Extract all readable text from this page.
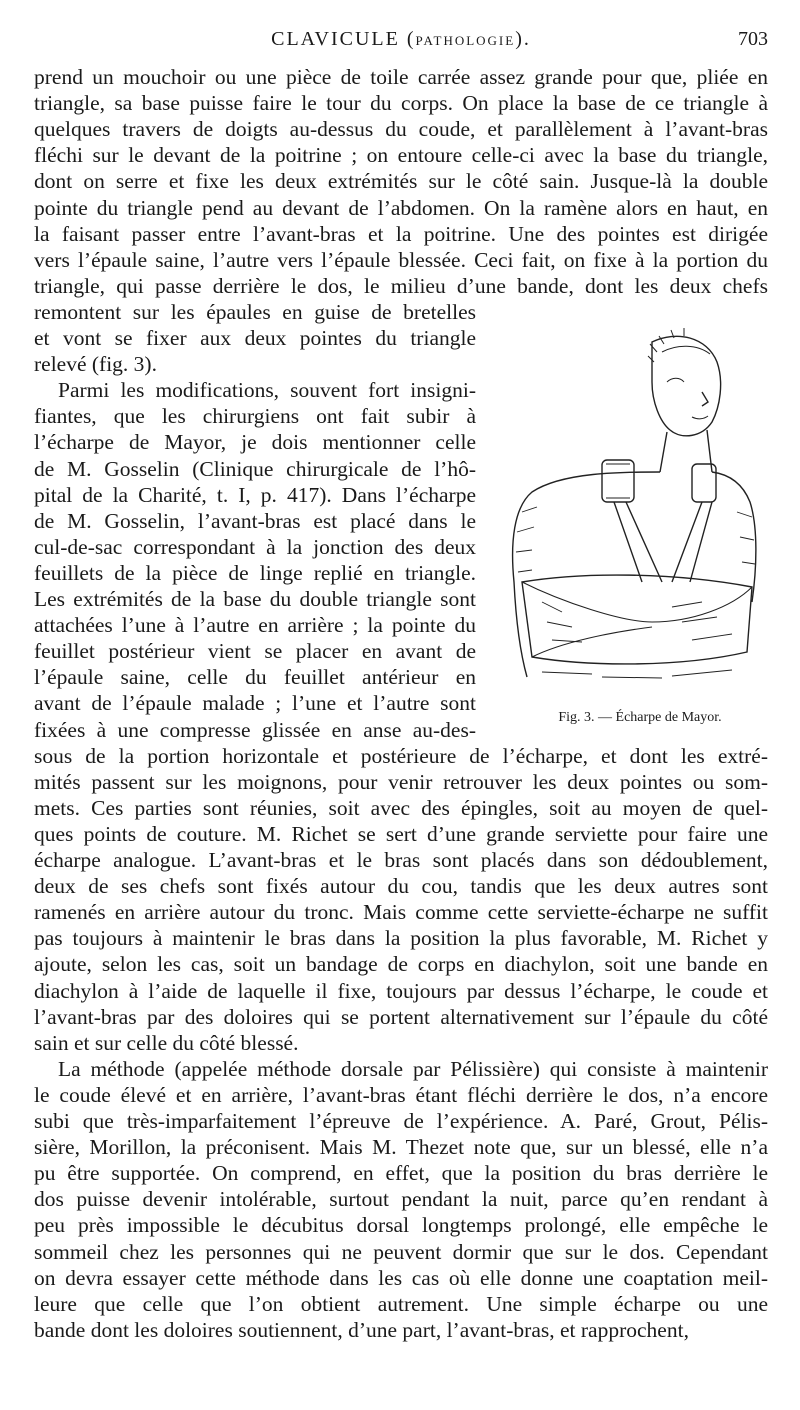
CLAVICULE (PATHOLOGIE).	703
prend un mouchoir ou une pièce de toile carrée assez grande pour que, pliée en
triangle, sa base puisse faire le tour du corps. On place la base de ce triangle à
quelques travers de doigts au-dessus du coude, et parallèlement à l’avant-bras
fléchi sur le devant de la poitrine ; on entoure celle-ci avec la base du triangle,
dont on serre et fixe les deux extrémités sur le côté sain. Jusque-là la double
pointe du triangle pend au devant de l’abdomen. On la ramène alors en haut, en
la faisant passer entre l’avant-bras et la poitrine. Une des pointes est dirigée
vers l’épaule saine, l’autre vers l’épaule blessée. Ceci fait, on fixe à la portion du
triangle, qui passe derrière le dos, le milieu d’une bande, dont les deux chefs
remontent sur les épaules en guise de bretelles
et vont se fixer aux deux pointes du triangle
relevé (fig. 3).
Parmi les modifications, souvent fort insigni-
fiantes, que les chirurgiens ont fait subir à
l’écharpe de Mayor, je dois mentionner celle
de M. Gosselin (Clinique chirurgicale de l’hô-
pital de la Charité, t. I, p. 417). Dans l’écharpe
de M. Gosselin, l’avant-bras est placé dans le
cul-de-sac correspondant à la jonction des deux
feuillets de la pièce de linge replié en triangle.
Les extrémités de la base du double triangle sont
attachées l’une à l’autre en arrière ; la pointe du
feuillet postérieur vient se placer en avant de
l’épaule saine, celle du feuillet antérieur en
avant de l’épaule malade ; l’une et l’autre sont
fixées à une compresse glissée en anse au-des-
sous de la portion horizontale et postérieure de l’écharpe, et dont les extré-
mités passent sur les moignons, pour venir retrouver les deux pointes ou som-
mets. Ces parties sont réunies, soit avec des épingles, soit au moyen de quel-
ques points de couture. M. Richet se sert d’une grande serviette pour faire une
écharpe analogue. L’avant-bras et le bras sont placés dans son dédoublement,
deux de ses chefs sont fixés autour du cou, tandis que les deux autres sont
ramenés en arrière autour du tronc. Mais comme cette serviette-écharpe ne suffit
pas toujours à maintenir le bras dans la position la plus favorable, M. Richet y
ajoute, selon les cas, soit un bandage de corps en diachylon, soit une bande en
diachylon à l’aide de laquelle il fixe, toujours par dessus l’écharpe, le coude et
l’avant-bras par des doloires qui se portent alternativement sur l’épaule du côté
sain et sur celle du côté blessé.
La méthode (appelée méthode dorsale par Pélissière) qui consiste à maintenir
le coude élevé et en arrière, l’avant-bras étant fléchi derrière le dos, n’a encore
subi que très-imparfaitement l’épreuve de l’expérience. A. Paré, Grout, Pélis-
sière, Morillon, la préconisent. Mais M. Thezet note que, sur un blessé, elle n’a
pu être supportée. On comprend, en effet, que la position du bras derrière le
dos puisse devenir intolérable, surtout pendant la nuit, parce qu’en rendant à
peu près impossible le décubitus dorsal longtemps prolongé, elle empêche le
sommeil chez les personnes qui ne peuvent dormir que sur le dos. Cependant
on devra essayer cette méthode dans les cas où elle donne une coaptation meil-
leure que celle que l’on obtient autrement. Une simple écharpe ou une
bande dont les doloires soutiennent, d’une part, l’avant-bras, et rapprochent,
Fig. 3. — Écharpe de Mayor.
